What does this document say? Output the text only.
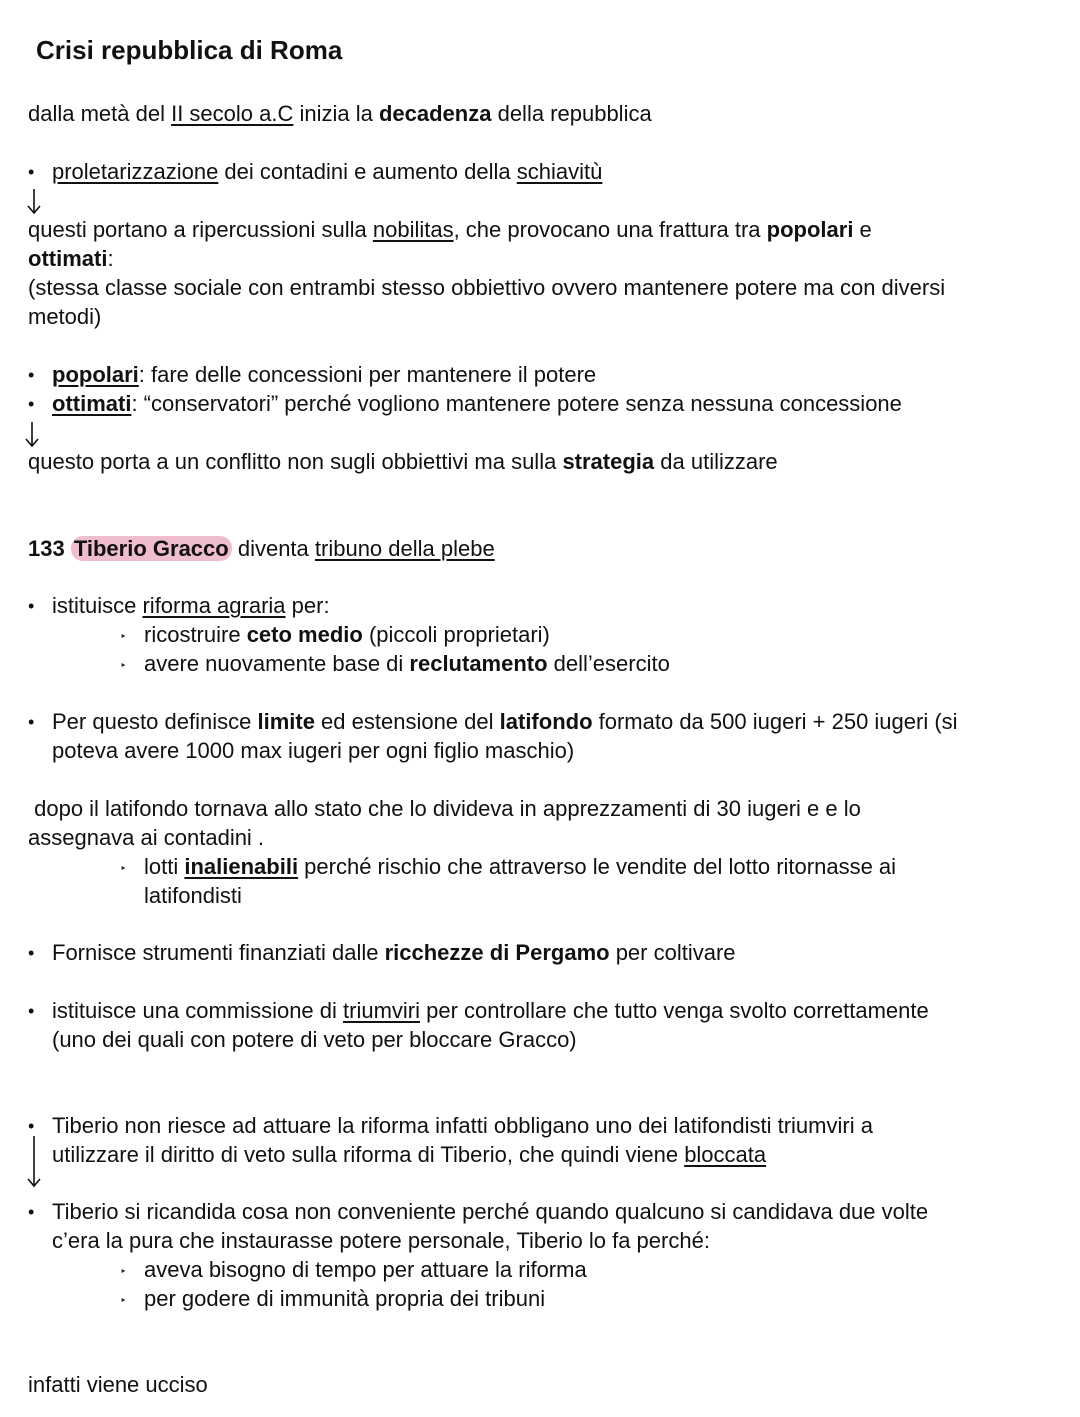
Crisi repubblica di Roma
dalla metà del II secolo a.C inizia la decadenza della repubblica
• proletarizzazione dei contadini e aumento della schiavitù
questi portano a ripercussioni sulla nobilitas, che provocano una frattura tra popolari e
ottimati:
(stessa classe sociale con entrambi stesso obbiettivo ovvero mantenere potere ma con diversi
metodi)
• popolari: fare delle concessioni per mantenere il potere
• ottimati: “conservatori” perché vogliono mantenere potere senza nessuna concessione
questo porta a un conflitto non sugli obbiettivi ma sulla strategia da utilizzare
133 Tiberio Gracco diventa tribuno della plebe
• istituisce riforma agraria per:
‣ ricostruire ceto medio (piccoli proprietari)
‣ avere nuovamente base di reclutamento dell’esercito
• Per questo definisce limite ed estensione del latifondo formato da 500 iugeri + 250 iugeri (si
poteva avere 1000 max iugeri per ogni figlio maschio)
dopo il latifondo tornava allo stato che lo divideva in apprezzamenti di 30 iugeri e e lo
assegnava ai contadini .
‣ lotti inalienabili perché rischio che attraverso le vendite del lotto ritornasse ai
latifondisti
• Fornisce strumenti finanziati dalle ricchezze di Pergamo per coltivare
• istituisce una commissione di triumviri per controllare che tutto venga svolto correttamente
(uno dei quali con potere di veto per bloccare Gracco)
• Tiberio non riesce ad attuare la riforma infatti obbligano uno dei latifondisti triumviri a
utilizzare il diritto di veto sulla riforma di Tiberio, che quindi viene bloccata
• Tiberio si ricandida cosa non conveniente perché quando qualcuno si candidava due volte
c’era la pura che instaurasse potere personale, Tiberio lo fa perché:
‣ aveva bisogno di tempo per attuare la riforma
‣ per godere di immunità propria dei tribuni
infatti viene ucciso
